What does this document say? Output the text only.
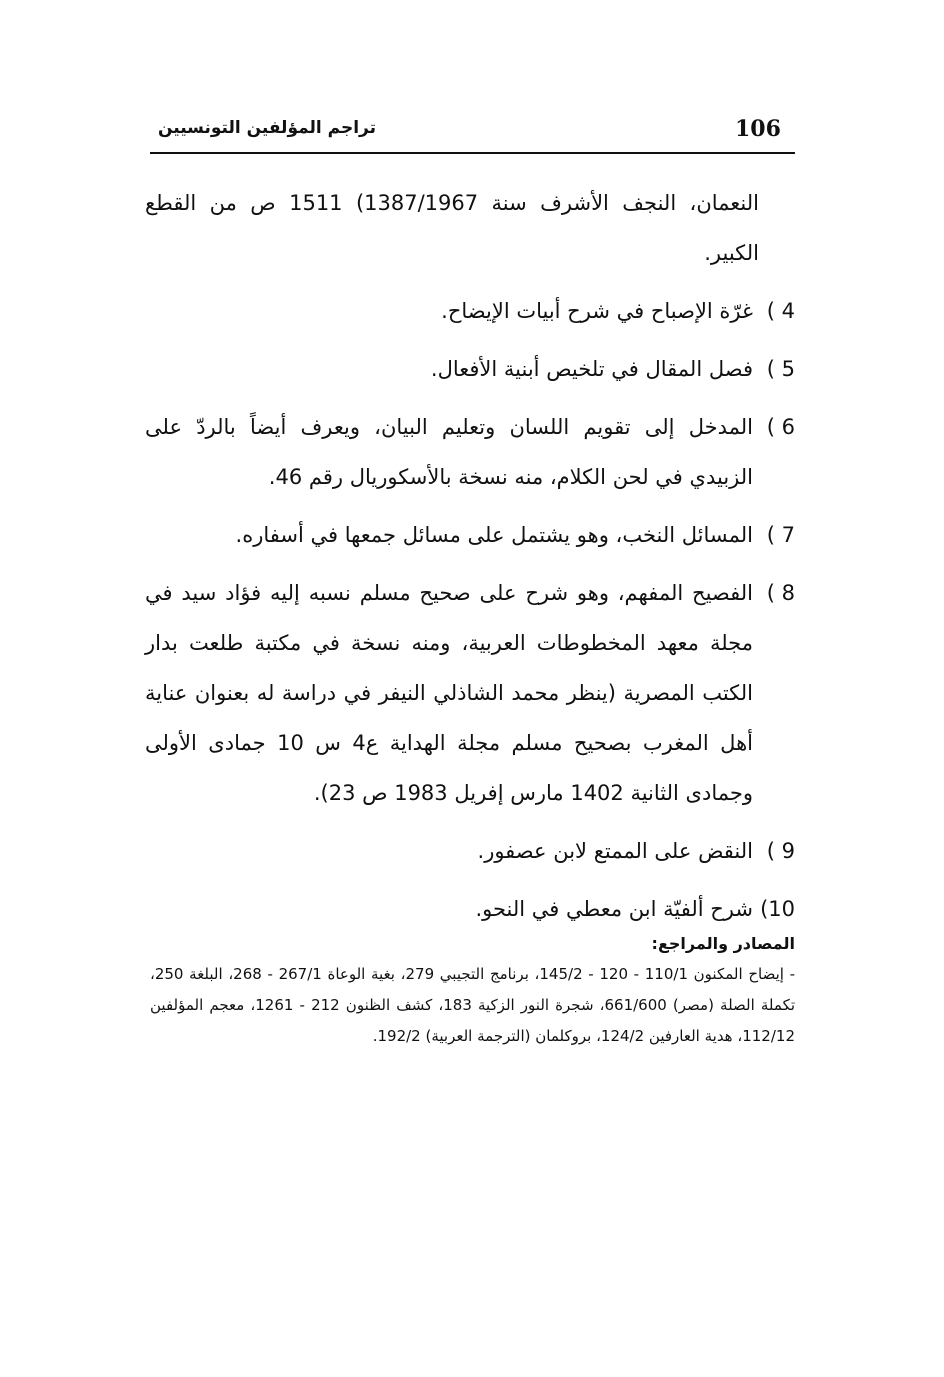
106
تراجم المؤلفين التونسيين

النعمان، النجف الأشرف سنة 1387/1967) 1511 ص من القطع الكبير.

4 )
غرّة الإصباح في شرح أبيات الإيضاح.
5 )
فصل المقال في تلخيص أبنية الأفعال.
6 )
المدخل إلى تقويم اللسان وتعليم البيان، ويعرف أيضاً بالردّ على الزبيدي في لحن الكلام، منه نسخة بالأسكوريال رقم 46.
7 )
المسائل النخب، وهو يشتمل على مسائل جمعها في أسفاره.
8 )
الفصيح المفهم، وهو شرح على صحيح مسلم نسبه إليه فؤاد سيد في مجلة معهد المخطوطات العربية، ومنه نسخة في مكتبة طلعت بدار الكتب المصرية (ينظر محمد الشاذلي النيفر في دراسة له بعنوان عناية أهل المغرب بصحيح مسلم مجلة الهداية ع4 س 10 جمادى الأولى وجمادى الثانية 1402 مارس إفريل 1983 ص 23).
9 )
النقض على الممتع لابن عصفور.
10)
شرح ألفيّة ابن معطي في النحو.

المصادر والمراجع:

- إيضاح المكنون 110/1 - 120 - 145/2، برنامج التجيبي 279، بغية الوعاة 267/1 - 268، البلغة 250، تكملة الصلة (مصر) 661/600، شجرة النور الزكية 183، كشف الظنون 212 - 1261، معجم المؤلفين 112/12، هدية العارفين 124/2، بروكلمان (الترجمة العربية) 192/2.
